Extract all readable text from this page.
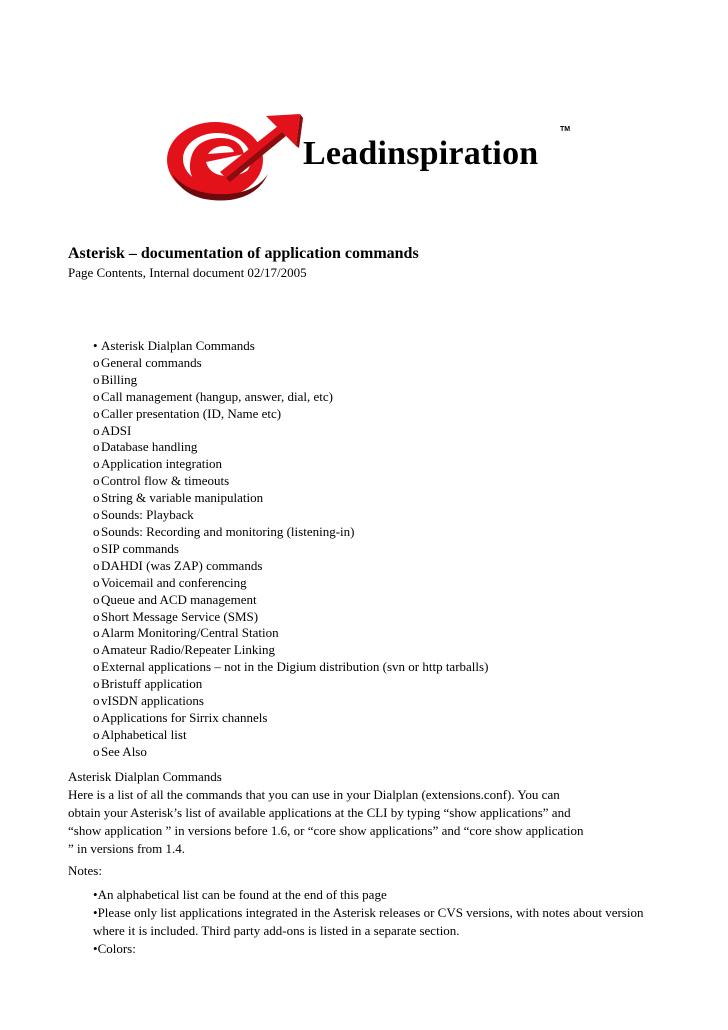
Leadinspiration
TM

Asterisk – documentation of application commands

Page Contents, Internal document 02/17/2005

• Asterisk Dialplan Commands
oGeneral commands
oBilling
oCall management (hangup, answer, dial, etc)
oCaller presentation (ID, Name etc)
oADSI
oDatabase handling
oApplication integration
oControl flow & timeouts
oString & variable manipulation
oSounds: Playback
oSounds: Recording and monitoring (listening-in)
oSIP commands
oDAHDI (was ZAP) commands
oVoicemail and conferencing
oQueue and ACD management
oShort Message Service (SMS)
oAlarm Monitoring/Central Station
oAmateur Radio/Repeater Linking
oExternal applications – not in the Digium distribution (svn or http tarballs)
oBristuff application
ovISDN applications
oApplications for Sirrix channels
oAlphabetical list
oSee Also

Asterisk Dialplan Commands

Here is a list of all the commands that you can use in your Dialplan (extensions.conf). You can

obtain your Asterisk’s list of available applications at the CLI by typing “show applications” and

“show application ” in versions before 1.6, or “core show applications” and “core show application

” in versions from 1.4.

Notes:

•An alphabetical list can be found at the end of this page
•Please only list applications integrated in the Asterisk releases or CVS versions, with notes about version where it is included. Third party add-ons is listed in a separate section.
•Colors:
